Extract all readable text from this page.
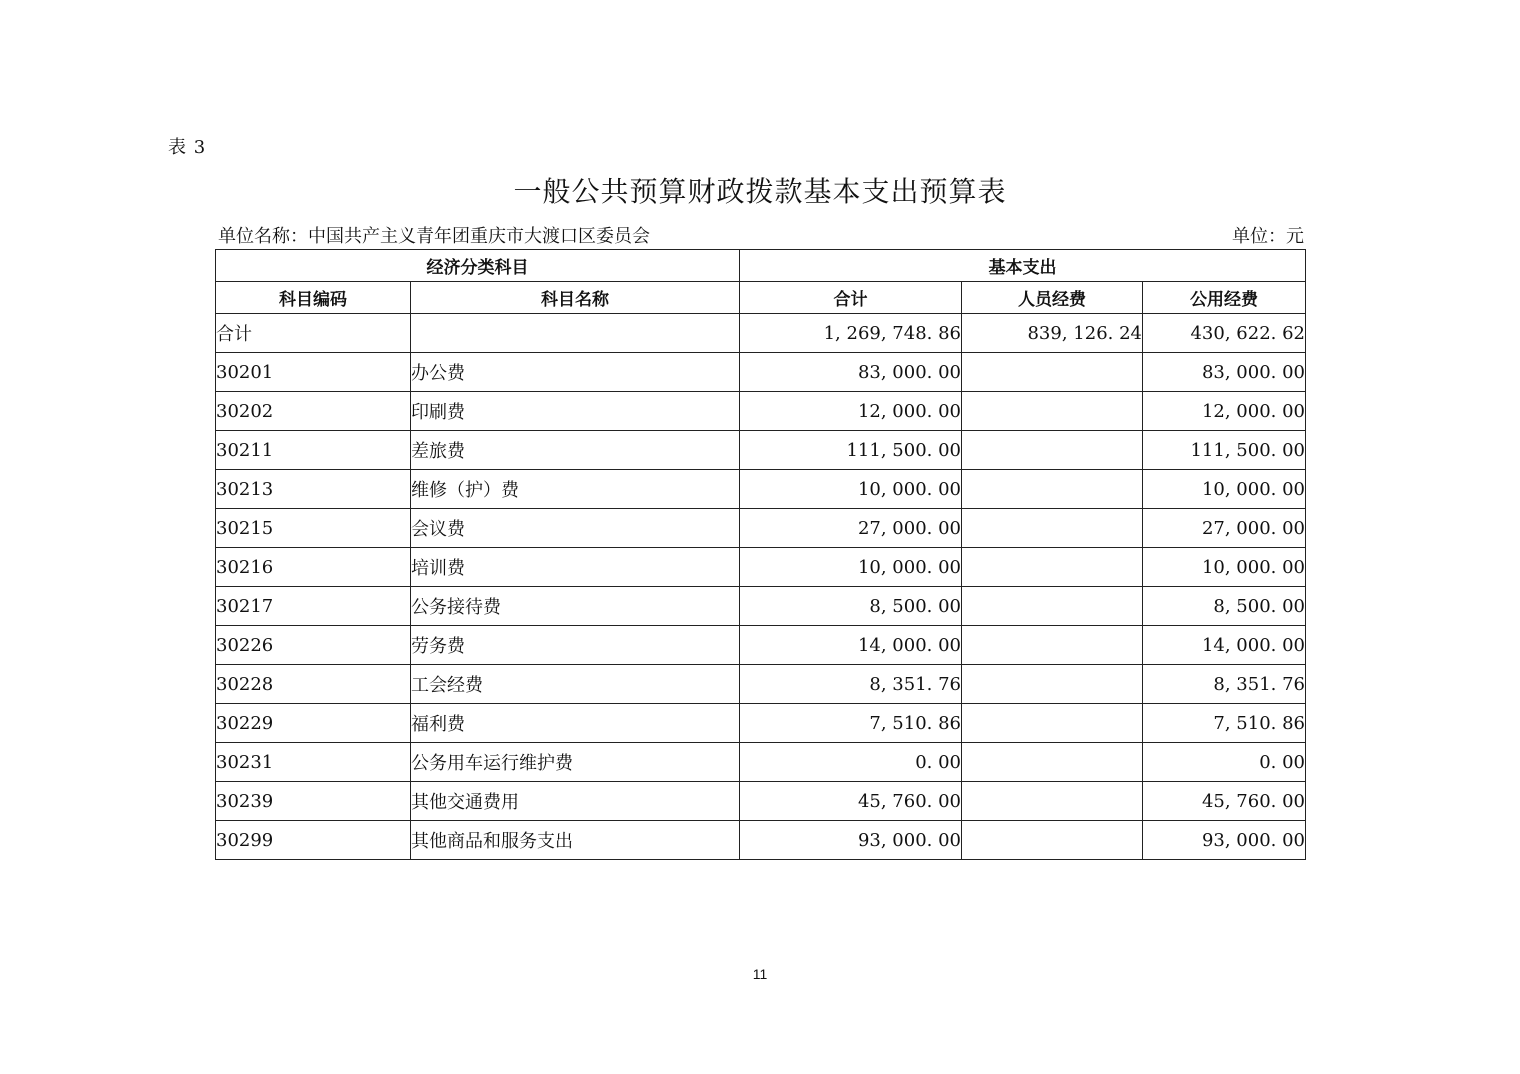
表 3
一般公共预算财政拨款基本支出预算表
单位名称：中国共产主义青年团重庆市大渡口区委员会	单位：元
经济分类科目		基本支出		
科目编码	科目名称	合计	人员经费	公用经费
合计		1, 269, 748. 86	839, 126. 24	430, 622. 62
30201	办公费	83, 000. 00		83, 000. 00
30202	印刷费	12, 000. 00		12, 000. 00
30211	差旅费	111, 500. 00		111, 500. 00
30213	维修（护）费	10, 000. 00		10, 000. 00
30215	会议费	27, 000. 00		27, 000. 00
30216	培训费	10, 000. 00		10, 000. 00
30217	公务接待费	8, 500. 00		8, 500. 00
30226	劳务费	14, 000. 00		14, 000. 00
30228	工会经费	8, 351. 76		8, 351. 76
30229	福利费	7, 510. 86		7, 510. 86
30231	公务用车运行维护费	0. 00		0. 00
30239	其他交通费用	45, 760. 00		45, 760. 00
30299	其他商品和服务支出	93, 000. 00		93, 000. 00
11
